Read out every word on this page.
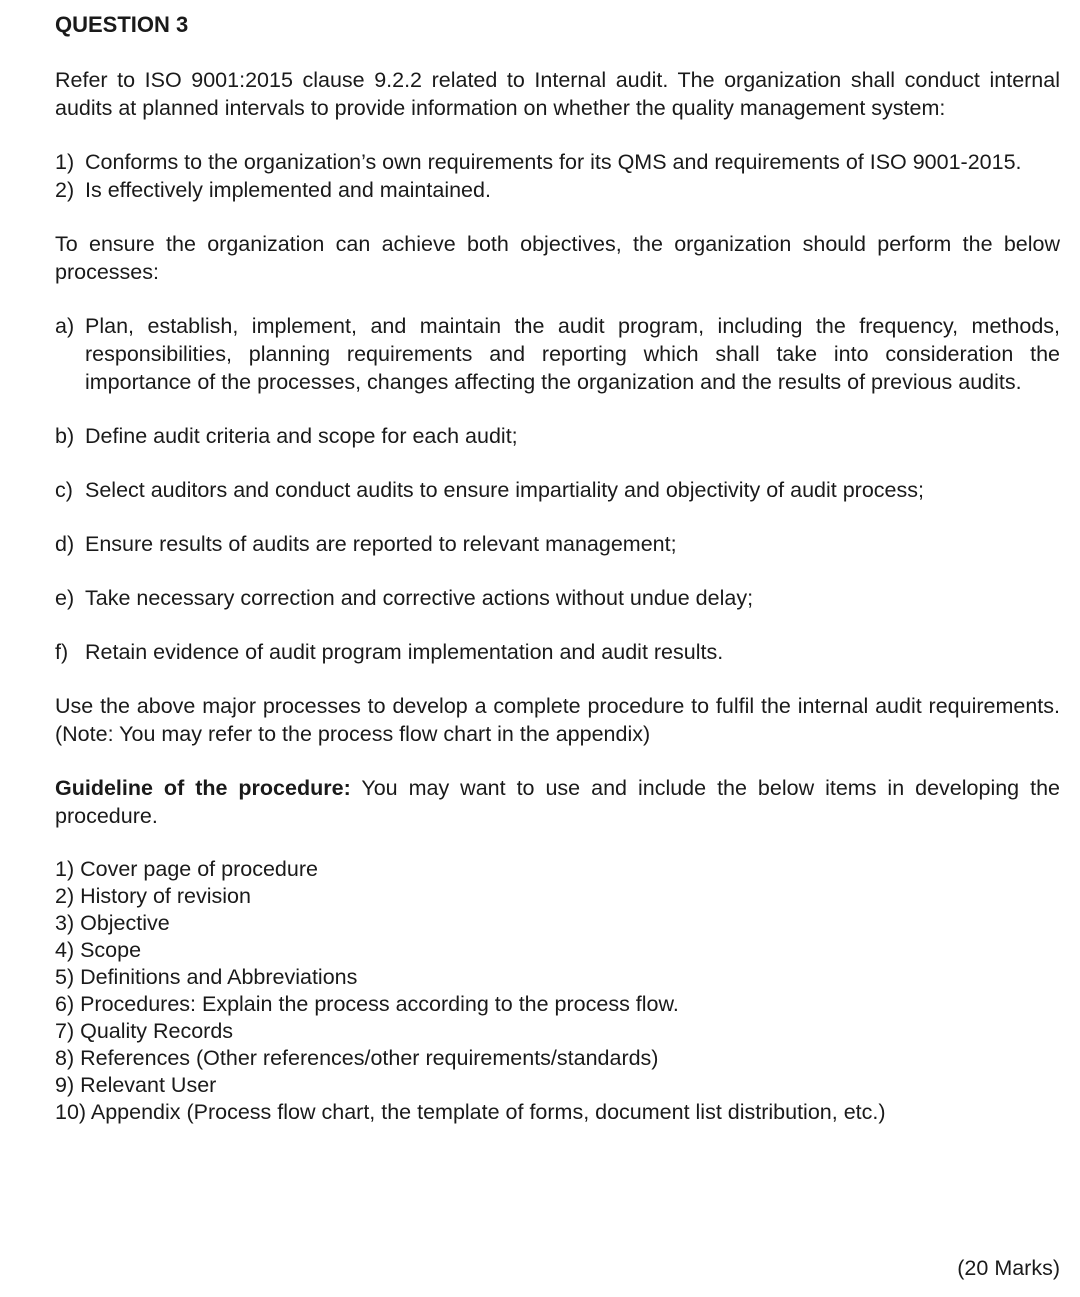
QUESTION 3

Refer to ISO 9001:2015 clause 9.2.2 related to Internal audit. The organization shall conduct internal audits at planned intervals to provide information on whether the quality management system:

1) Conforms to the organization’s own requirements for its QMS and requirements of ISO 9001-2015.
2) Is effectively implemented and maintained.

To ensure the organization can achieve both objectives, the organization should perform the below processes:

a) Plan, establish, implement, and maintain the audit program, including the frequency, methods, responsibilities, planning requirements and reporting which shall take into consideration the importance of the processes, changes affecting the organization and the results of previous audits.
b) Define audit criteria and scope for each audit;
c) Select auditors and conduct audits to ensure impartiality and objectivity of audit process;
d) Ensure results of audits are reported to relevant management;
e) Take necessary correction and corrective actions without undue delay;
f) Retain evidence of audit program implementation and audit results.

Use the above major processes to develop a complete procedure to fulfil the internal audit requirements. (Note: You may refer to the process flow chart in the appendix)

Guideline of the procedure: You may want to use and include the below items in developing the procedure.

1) Cover page of procedure
2) History of revision
3) Objective
4) Scope
5) Definitions and Abbreviations
6) Procedures: Explain the process according to the process flow.
7) Quality Records
8) References (Other references/other requirements/standards)
9) Relevant User
10) Appendix (Process flow chart, the template of forms, document list distribution, etc.)
(20 Marks)
